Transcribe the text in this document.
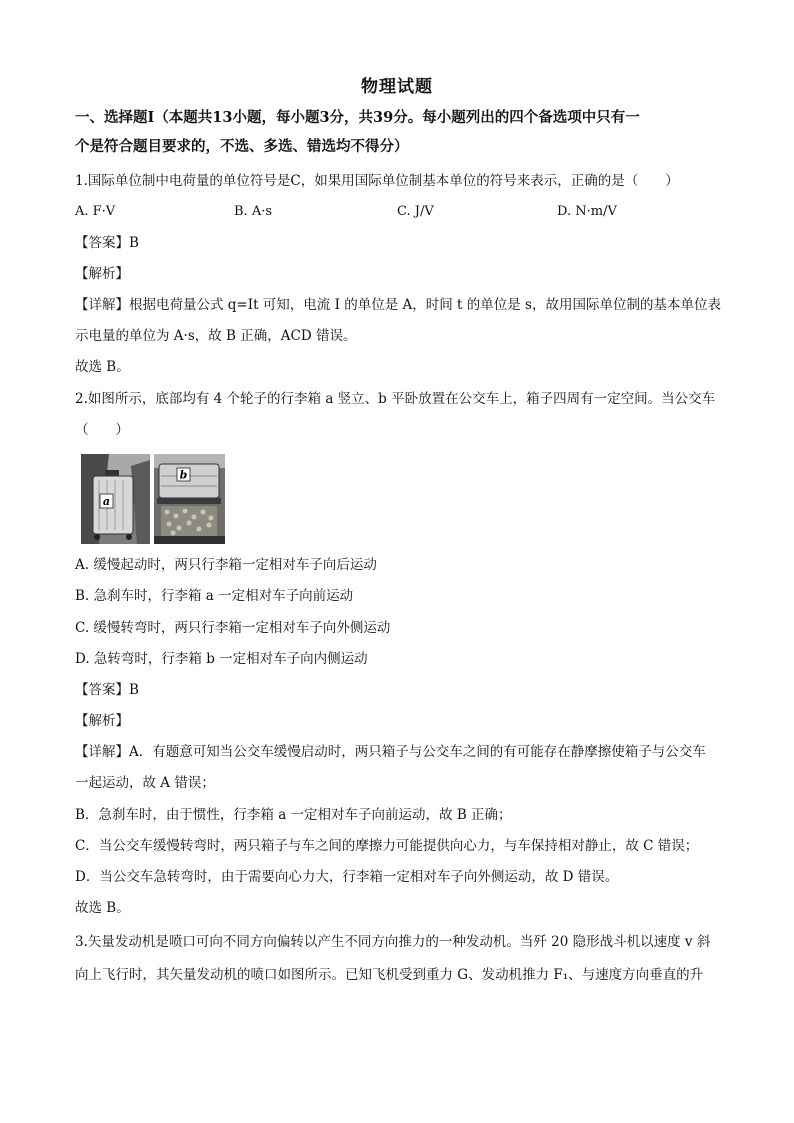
物理试题
一、选择题Ⅰ（本题共13小题，每小题3分，共39分。每小题列出的四个备选项中只有一
个是符合题目要求的，不选、多选、错选均不得分）
1.国际单位制中电荷量的单位符号是C，如果用国际单位制基本单位的符号来表示，正确的是（　　）
A. F·V	B. A·s	C. J/V	D. N·m/V
【答案】B
【解析】
【详解】根据电荷量公式 q=It 可知，电流 I 的单位是 A，时间 t 的单位是 s，故用国际单位制的基本单位表
示电量的单位为 A·s，故 B 正确，ACD 错误。
故选 B。
2.如图所示，底部均有 4 个轮子的行李箱 a 竖立、b 平卧放置在公交车上，箱子四周有一定空间。当公交车
（　　）
a
b
A. 缓慢起动时，两只行李箱一定相对车子向后运动
B. 急刹车时，行李箱 a 一定相对车子向前运动
C. 缓慢转弯时，两只行李箱一定相对车子向外侧运动
D. 急转弯时，行李箱 b 一定相对车子向内侧运动
【答案】B
【解析】
【详解】A．有题意可知当公交车缓慢启动时，两只箱子与公交车之间的有可能存在静摩擦使箱子与公交车
一起运动，故 A 错误；
B．急刹车时，由于惯性，行李箱 a 一定相对车子向前运动，故 B 正确；
C．当公交车缓慢转弯时，两只箱子与车之间的摩擦力可能提供向心力，与车保持相对静止，故 C 错误；
D．当公交车急转弯时，由于需要向心力大，行李箱一定相对车子向外侧运动，故 D 错误。
故选 B。
3.矢量发动机是喷口可向不同方向偏转以产生不同方向推力的一种发动机。当歼 20 隐形战斗机以速度 v 斜
向上飞行时，其矢量发动机的喷口如图所示。已知飞机受到重力 G、发动机推力 F₁、与速度方向垂直的升
